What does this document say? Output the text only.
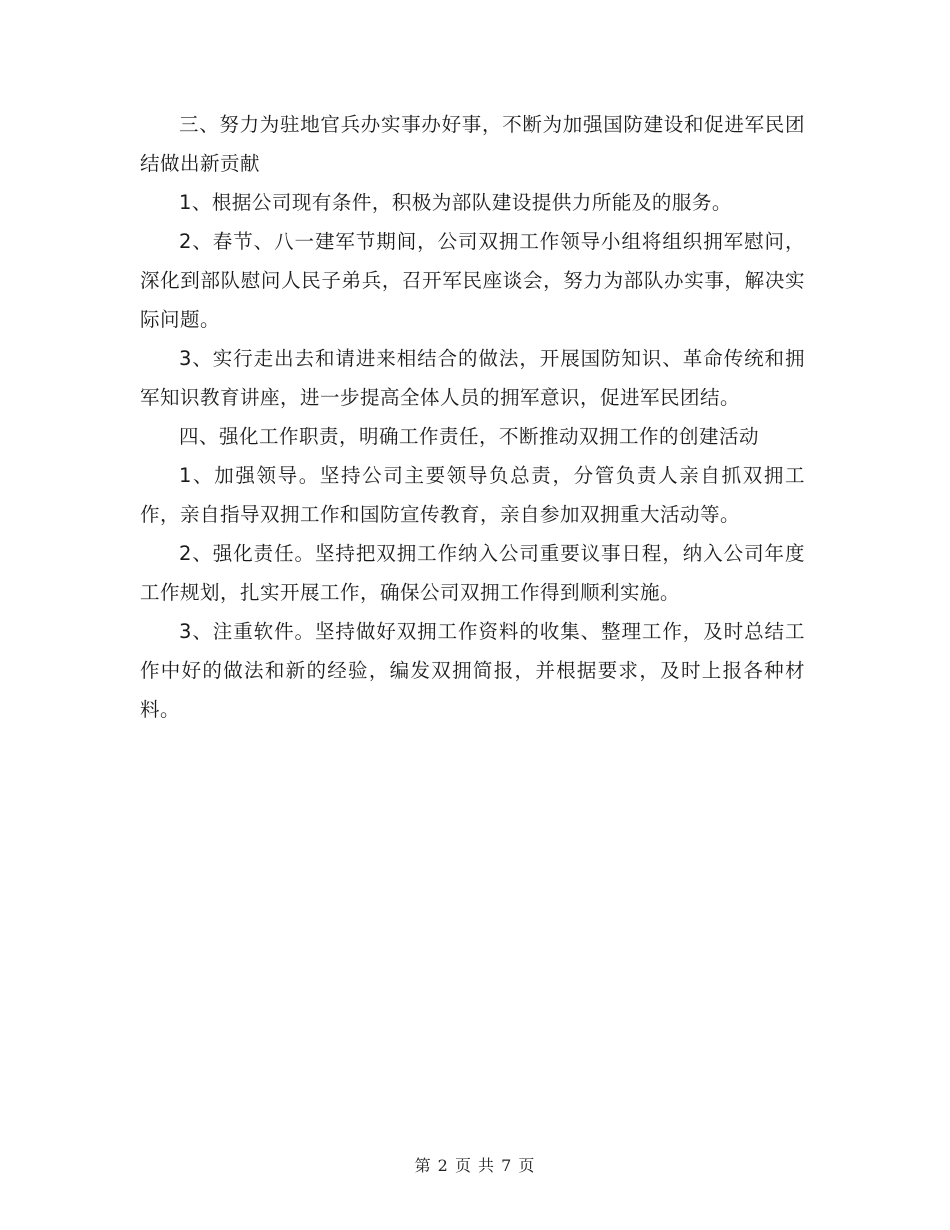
三、努力为驻地官兵办实事办好事，不断为加强国防建设和促进军民团结做出新贡献

1、根据公司现有条件，积极为部队建设提供力所能及的服务。

2、春节、八一建军节期间，公司双拥工作领导小组将组织拥军慰问，深化到部队慰问人民子弟兵，召开军民座谈会，努力为部队办实事，解决实际问题。

3、实行走出去和请进来相结合的做法，开展国防知识、革命传统和拥军知识教育讲座，进一步提高全体人员的拥军意识，促进军民团结。

四、强化工作职责，明确工作责任，不断推动双拥工作的创建活动

1、加强领导。坚持公司主要领导负总责，分管负责人亲自抓双拥工作，亲自指导双拥工作和国防宣传教育，亲自参加双拥重大活动等。

2、强化责任。坚持把双拥工作纳入公司重要议事日程，纳入公司年度工作规划，扎实开展工作，确保公司双拥工作得到顺利实施。

3、注重软件。坚持做好双拥工作资料的收集、整理工作，及时总结工作中好的做法和新的经验，编发双拥简报，并根据要求，及时上报各种材料。

第 2 页 共 7 页
